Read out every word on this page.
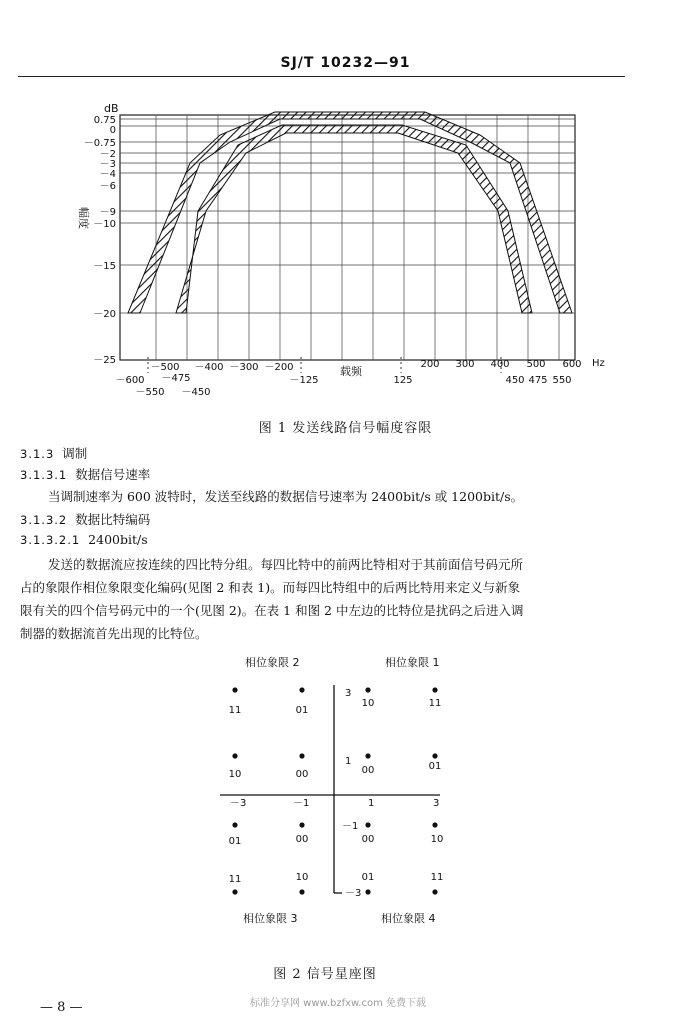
SJ/T 10232—91
dB
幅度
Hz
载频
0.75
0
－0.75
－2
－3
－4
－6
－9
－10
－15
－20
－25
－500 －400 －300 －200	200 300 400 500 600
－600 －475	－125	125	450 475 550
－550 －450
图 1 发送线路信号幅度容限
3.1.3 调制
3.1.3.1 数据信号速率
当调制速率为 600 波特时，发送至线路的数据信号速率为 2400bit/s 或 1200bit/s。
3.1.3.2 数据比特编码
3.1.3.2.1 2400bit/s
发送的数据流应按连续的四比特分组。每四比特中的前两比特相对于其前面信号码元所
占的象限作相位象限变化编码(见图 2 和表 1)。而每四比特组中的后两比特用来定义与新象
限有关的四个信号码元中的一个(见图 2)。在表 1 和图 2 中左边的比特位是扰码之后进入调
制器的数据流首先出现的比特位。
相位象限 2	相位象限 1
相位象限 3	相位象限 4
－3	－1	1	3
3
1
－1
－3
11	01
10	11
10	00	00	01
01	00	00	10
11	10	01	11
图 2 信号星座图
— 8 —	标准分享网 www.bzfxw.com 免费下载
